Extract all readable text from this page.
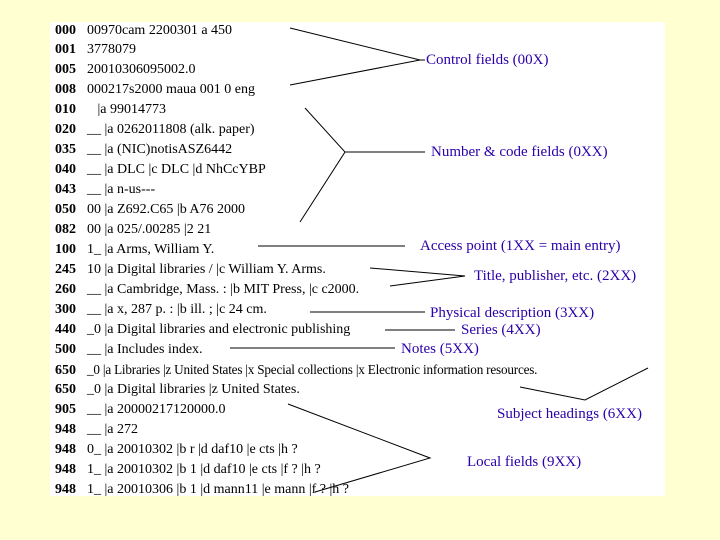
000 00970cam 2200301 a 450
001 3778079
005 20010306095002.0
008 000217s2000 maua 001 0 eng
010   |a 99014773
020 __ |a 0262011808 (alk. paper)
035 __ |a (NIC)notisASZ6442
040 __ |a DLC |c DLC |d NhCcYBP
043 __ |a n-us---
050 00 |a Z692.C65 |b A76 2000
082 00 |a 025/.00285 |2 21
100 1_ |a Arms, William Y.
245 10 |a Digital libraries / |c William Y. Arms.
260 __ |a Cambridge, Mass. : |b MIT Press, |c c2000.
300 __ |a x, 287 p. : |b ill. ; |c 24 cm.
440 _0 |a Digital libraries and electronic publishing
500 __ |a Includes index.
650 _0 |a Libraries |z United States |x Special collections |x Electronic information resources.
650 _0 |a Digital libraries |z United States.
905 __ |a 20000217120000.0
948 __ |a 272
948 0_ |a 20010302 |b r |d daf10 |e cts |h ?
948 1_ |a 20010302 |b 1 |d daf10 |e cts |f ? |h ?
948 1_ |a 20010306 |b 1 |d mann11 |e mann |f ? |h ?
Control fields (00X)
Number & code fields (0XX)
Access point (1XX = main entry)
Title, publisher, etc. (2XX)
Physical description (3XX)
Series (4XX)
Notes (5XX)
Subject headings (6XX)
Local fields (9XX)
